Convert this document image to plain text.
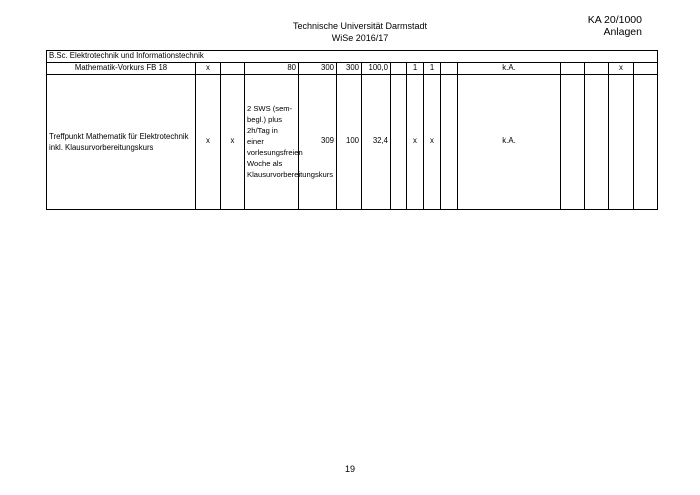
Technische Universität Darmstadt
WiSe 2016/17
KA 20/1000
Anlagen
B.Sc. Elektrotechnik und Informationstechnik															
Mathematik-Vorkurs FB 18	x		80	300	300	100,0		1	1		k.A.			x	
Treffpunkt Mathematik für Elektrotechnik inkl. Klausurvorbereitungskurs	x	x	2 SWS (sem-begl.) plus 2h/Tag in einer vorlesungsfreien Woche als Klausurvorbereitungskurs	309	100	32,4		x	x		k.A.				
19
